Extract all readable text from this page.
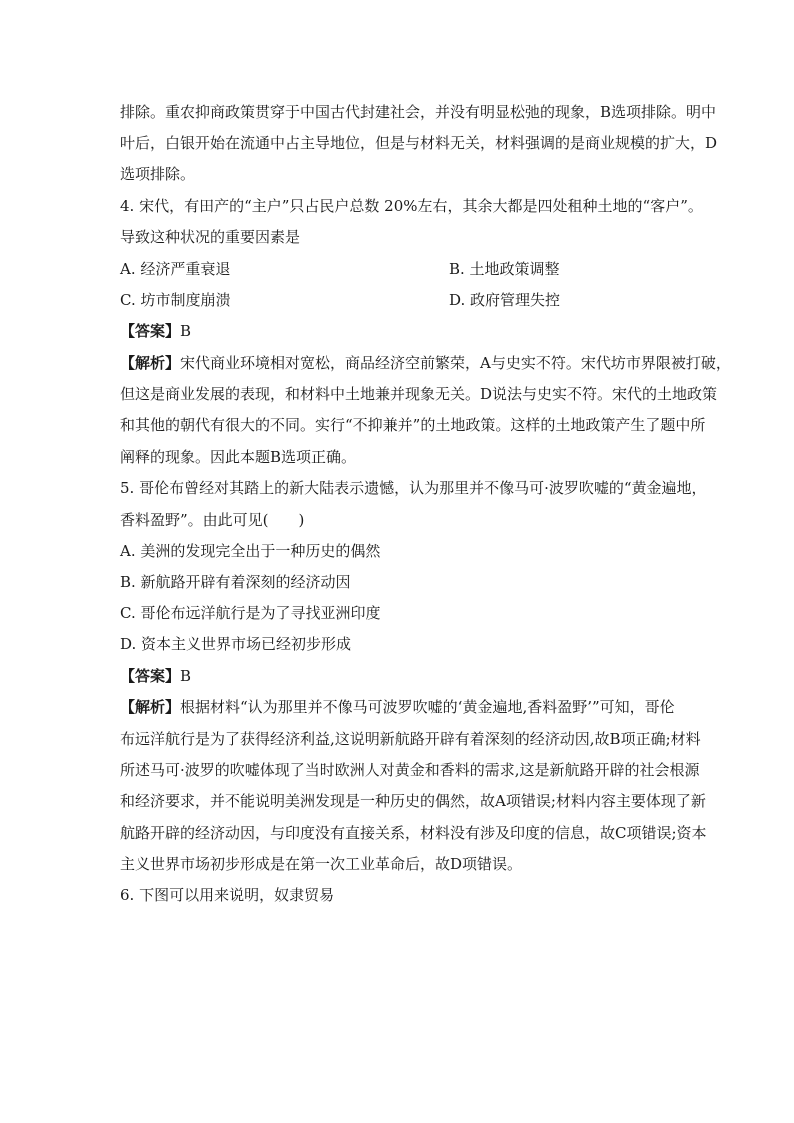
排除。重农抑商政策贯穿于中国古代封建社会，并没有明显松弛的现象，B选项排除。明中

叶后，白银开始在流通中占主导地位，但是与材料无关，材料强调的是商业规模的扩大，D

选项排除。

4. 宋代，有田产的“主户”只占民户总数 20%左右，其余大都是四处租种土地的“客户”。

导致这种状况的重要因素是

A. 经济严重衰退	B. 土地政策调整

C. 坊市制度崩溃	D. 政府管理失控

【答案】B

【解析】宋代商业环境相对宽松，商品经济空前繁荣，A与史实不符。宋代坊市界限被打破，

但这是商业发展的表现，和材料中土地兼并现象无关。D说法与史实不符。宋代的土地政策

和其他的朝代有很大的不同。实行“不抑兼并”的土地政策。这样的土地政策产生了题中所

阐释的现象。因此本题B选项正确。

5. 哥伦布曾经对其踏上的新大陆表示遗憾，认为那里并不像马可·波罗吹嘘的“黄金遍地，

香料盈野”。由此可见(　　)

A. 美洲的发现完全出于一种历史的偶然

B. 新航路开辟有着深刻的经济动因

C. 哥伦布远洋航行是为了寻找亚洲印度

D. 资本主义世界市场已经初步形成

【答案】B

【解析】根据材料“认为那里并不像马可波罗吹嘘的‘黄金遍地,香料盈野’”可知，哥伦

布远洋航行是为了获得经济利益,这说明新航路开辟有着深刻的经济动因,故B项正确;材料

所述马可·波罗的吹嘘体现了当时欧洲人对黄金和香料的需求,这是新航路开辟的社会根源

和经济要求，并不能说明美洲发现是一种历史的偶然，故A项错误;材料内容主要体现了新

航路开辟的经济动因，与印度没有直接关系，材料没有涉及印度的信息，故C项错误;资本

主义世界市场初步形成是在第一次工业革命后，故D项错误。

6. 下图可以用来说明，奴隶贸易
